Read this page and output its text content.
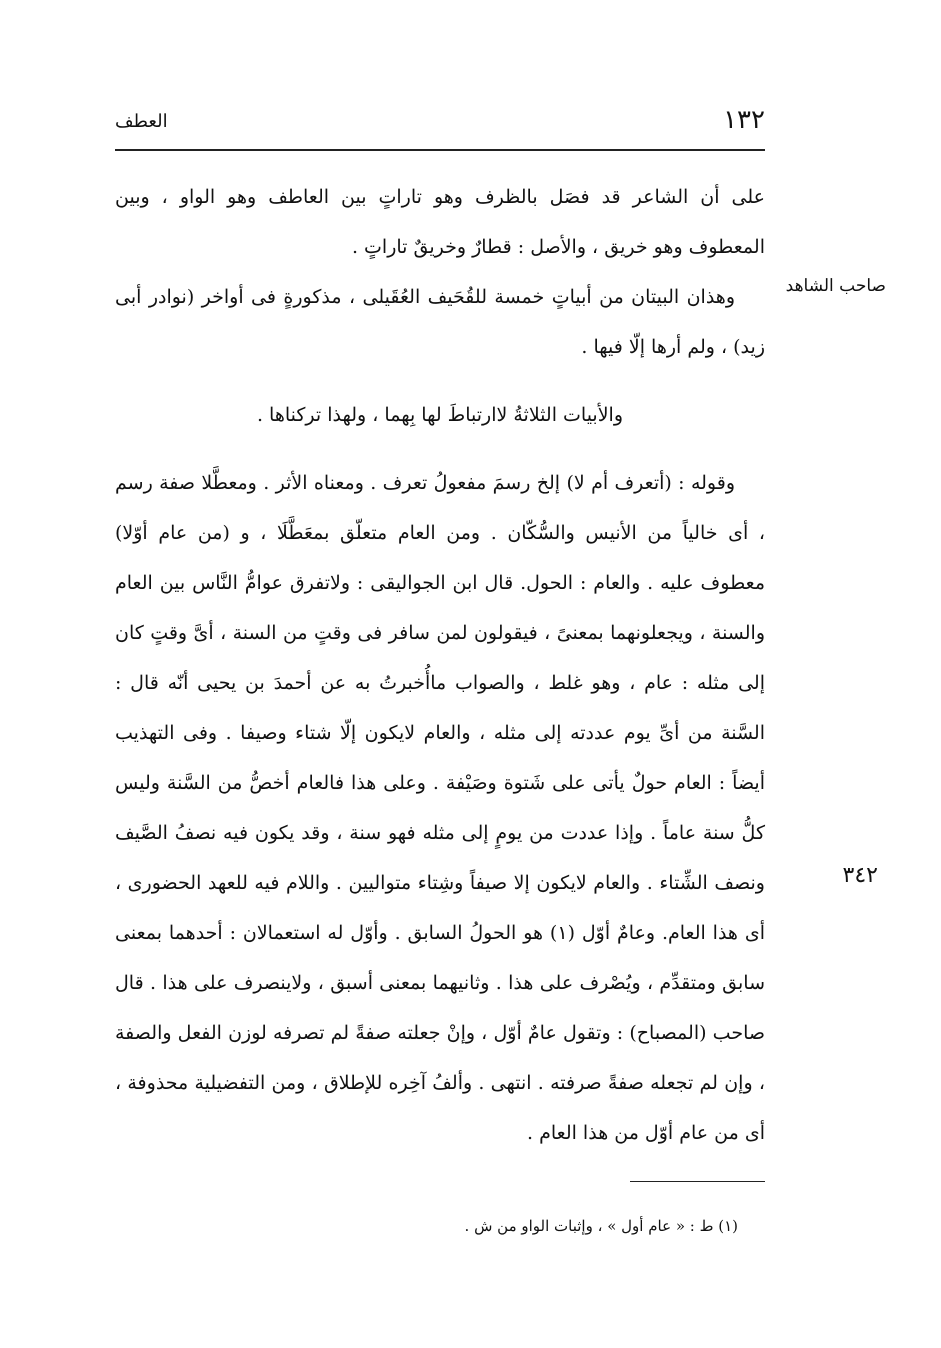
١٣٢
العطف
صاحب الشاهد
٣٤٢

على أن الشاعر قد فصَل بالظرف وهو تاراتٍ بين العاطف وهو الواو ، وبين المعطوف وهو خريق ، والأصل : قطارٌ وخريقٌ تاراتٍ .

وهذان البيتان من أبياتٍ خمسة للقُحَيف العُقَيلى ، مذكورةٍ فى أواخر (نوادر أبى زيد) ، ولم أرها إلّا فيها .

والأبيات الثلاثةُ لاارتباطَ لها بِهما ، ولهذا تركناها .

وقوله : (أتعرف أم لا) إلخ رسمَ مفعولُ تعرف . ومعناه الأثر . ومعطَّلا صفة رسم ، أى خالياً من الأنيس والسُّكّان . ومن العام متعلّق بمعَطَّلَا ، و (من عام أوّلا) معطوف عليه . والعام : الحول. قال ابن الجواليقى : ولاتفرق عوامُّ النَّاس بين العام والسنة ، ويجعلونهما بمعنىً ، فيقولون لمن سافر فى وقتٍ من السنة ، أىَّ وقتٍ كان إلى مثله : عام ، وهو غلط ، والصواب ماأُخبرتُ به عن أحمدَ بن يحيى أنّه قال : السَّنة من أىِّ يوم عددته إلى مثله ، والعام لايكون إلّا شتاء وصيفا . وفى التهذيب أيضاً : العام حولٌ يأتى على شَتوة وصَيْفة . وعلى هذا فالعام أخصُّ من السَّنة وليس كلُّ سنة عاماً . وإذا عددت من يومٍ إلى مثله فهو سنة ، وقد يكون فيه نصفُ الصَّيف ونصف الشِّتاء . والعام لايكون إلا صيفاً وشِتاء متواليين . واللام فيه للعهد الحضورى ، أى هذا العام. وعامٌ أوّل (١) هو الحولُ السابق . وأوّل له استعمالان : أحدهما بمعنى سابق ومتقدِّم ، ويُصْرف على هذا . وثانيهما بمعنى أسبق ، ولاينصرف على هذا . قال صاحب (المصباح) : وتقول عامٌ أوّل ، وإنْ جعلته صفةً لم تصرفه لوزن الفعل والصفة ، وإن لم تجعله صفةً صرفته . انتهى . وألفُ آخِره للإطلاق ، ومن التفضيلية محذوفة ، أى من عام أوّل من هذا العام .

(١) ط : « عام أول » ، وإثبات الواو من ش .
